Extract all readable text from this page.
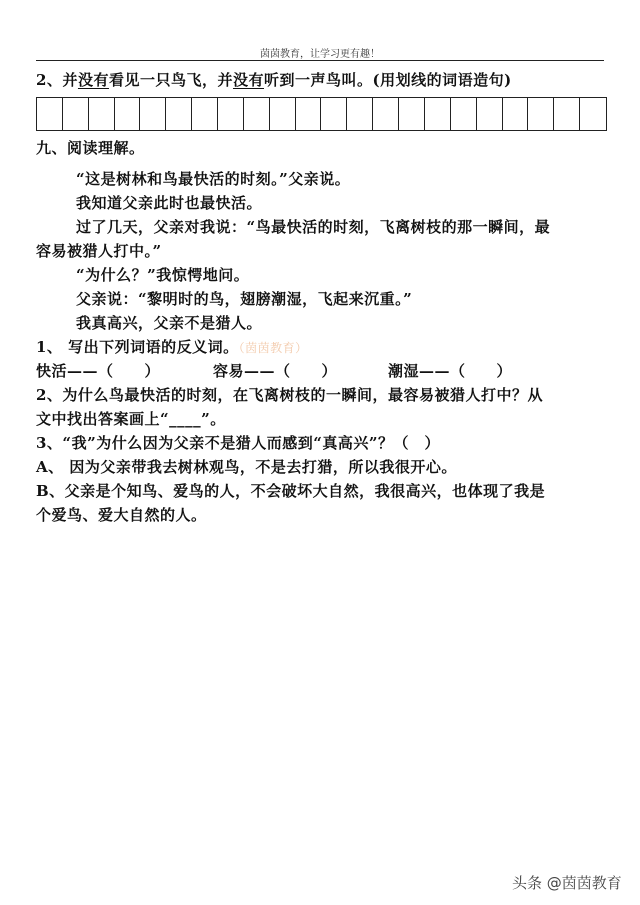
茵茵教育，让学习更有趣！
2、并没有看见一只鸟飞，并没有听到一声鸟叫。(用划线的词语造句)
九、阅读理解。
“这是树林和鸟最快活的时刻。”父亲说。
我知道父亲此时也最快活。
过了几天，父亲对我说：“鸟最快活的时刻，飞离树枝的那一瞬间，最
容易被猎人打中。”
“为什么？”我惊愕地问。
父亲说：“黎明时的鸟，翅膀潮湿，飞起来沉重。”
我真高兴，父亲不是猎人。
1、 写出下列词语的反义词。（茵茵教育）
快活——（　　）	容易——（　　）	潮湿——（　　）
2、为什么鸟最快活的时刻，在飞离树枝的一瞬间，最容易被猎人打中？从
文中找出答案画上“____”。
3、“我”为什么因为父亲不是猎人而感到“真高兴”？（　）
A、 因为父亲带我去树林观鸟，不是去打猎，所以我很开心。
B、父亲是个知鸟、爱鸟的人，不会破坏大自然，我很高兴，也体现了我是
个爱鸟、爱大自然的人。
头条 @茵茵教育
